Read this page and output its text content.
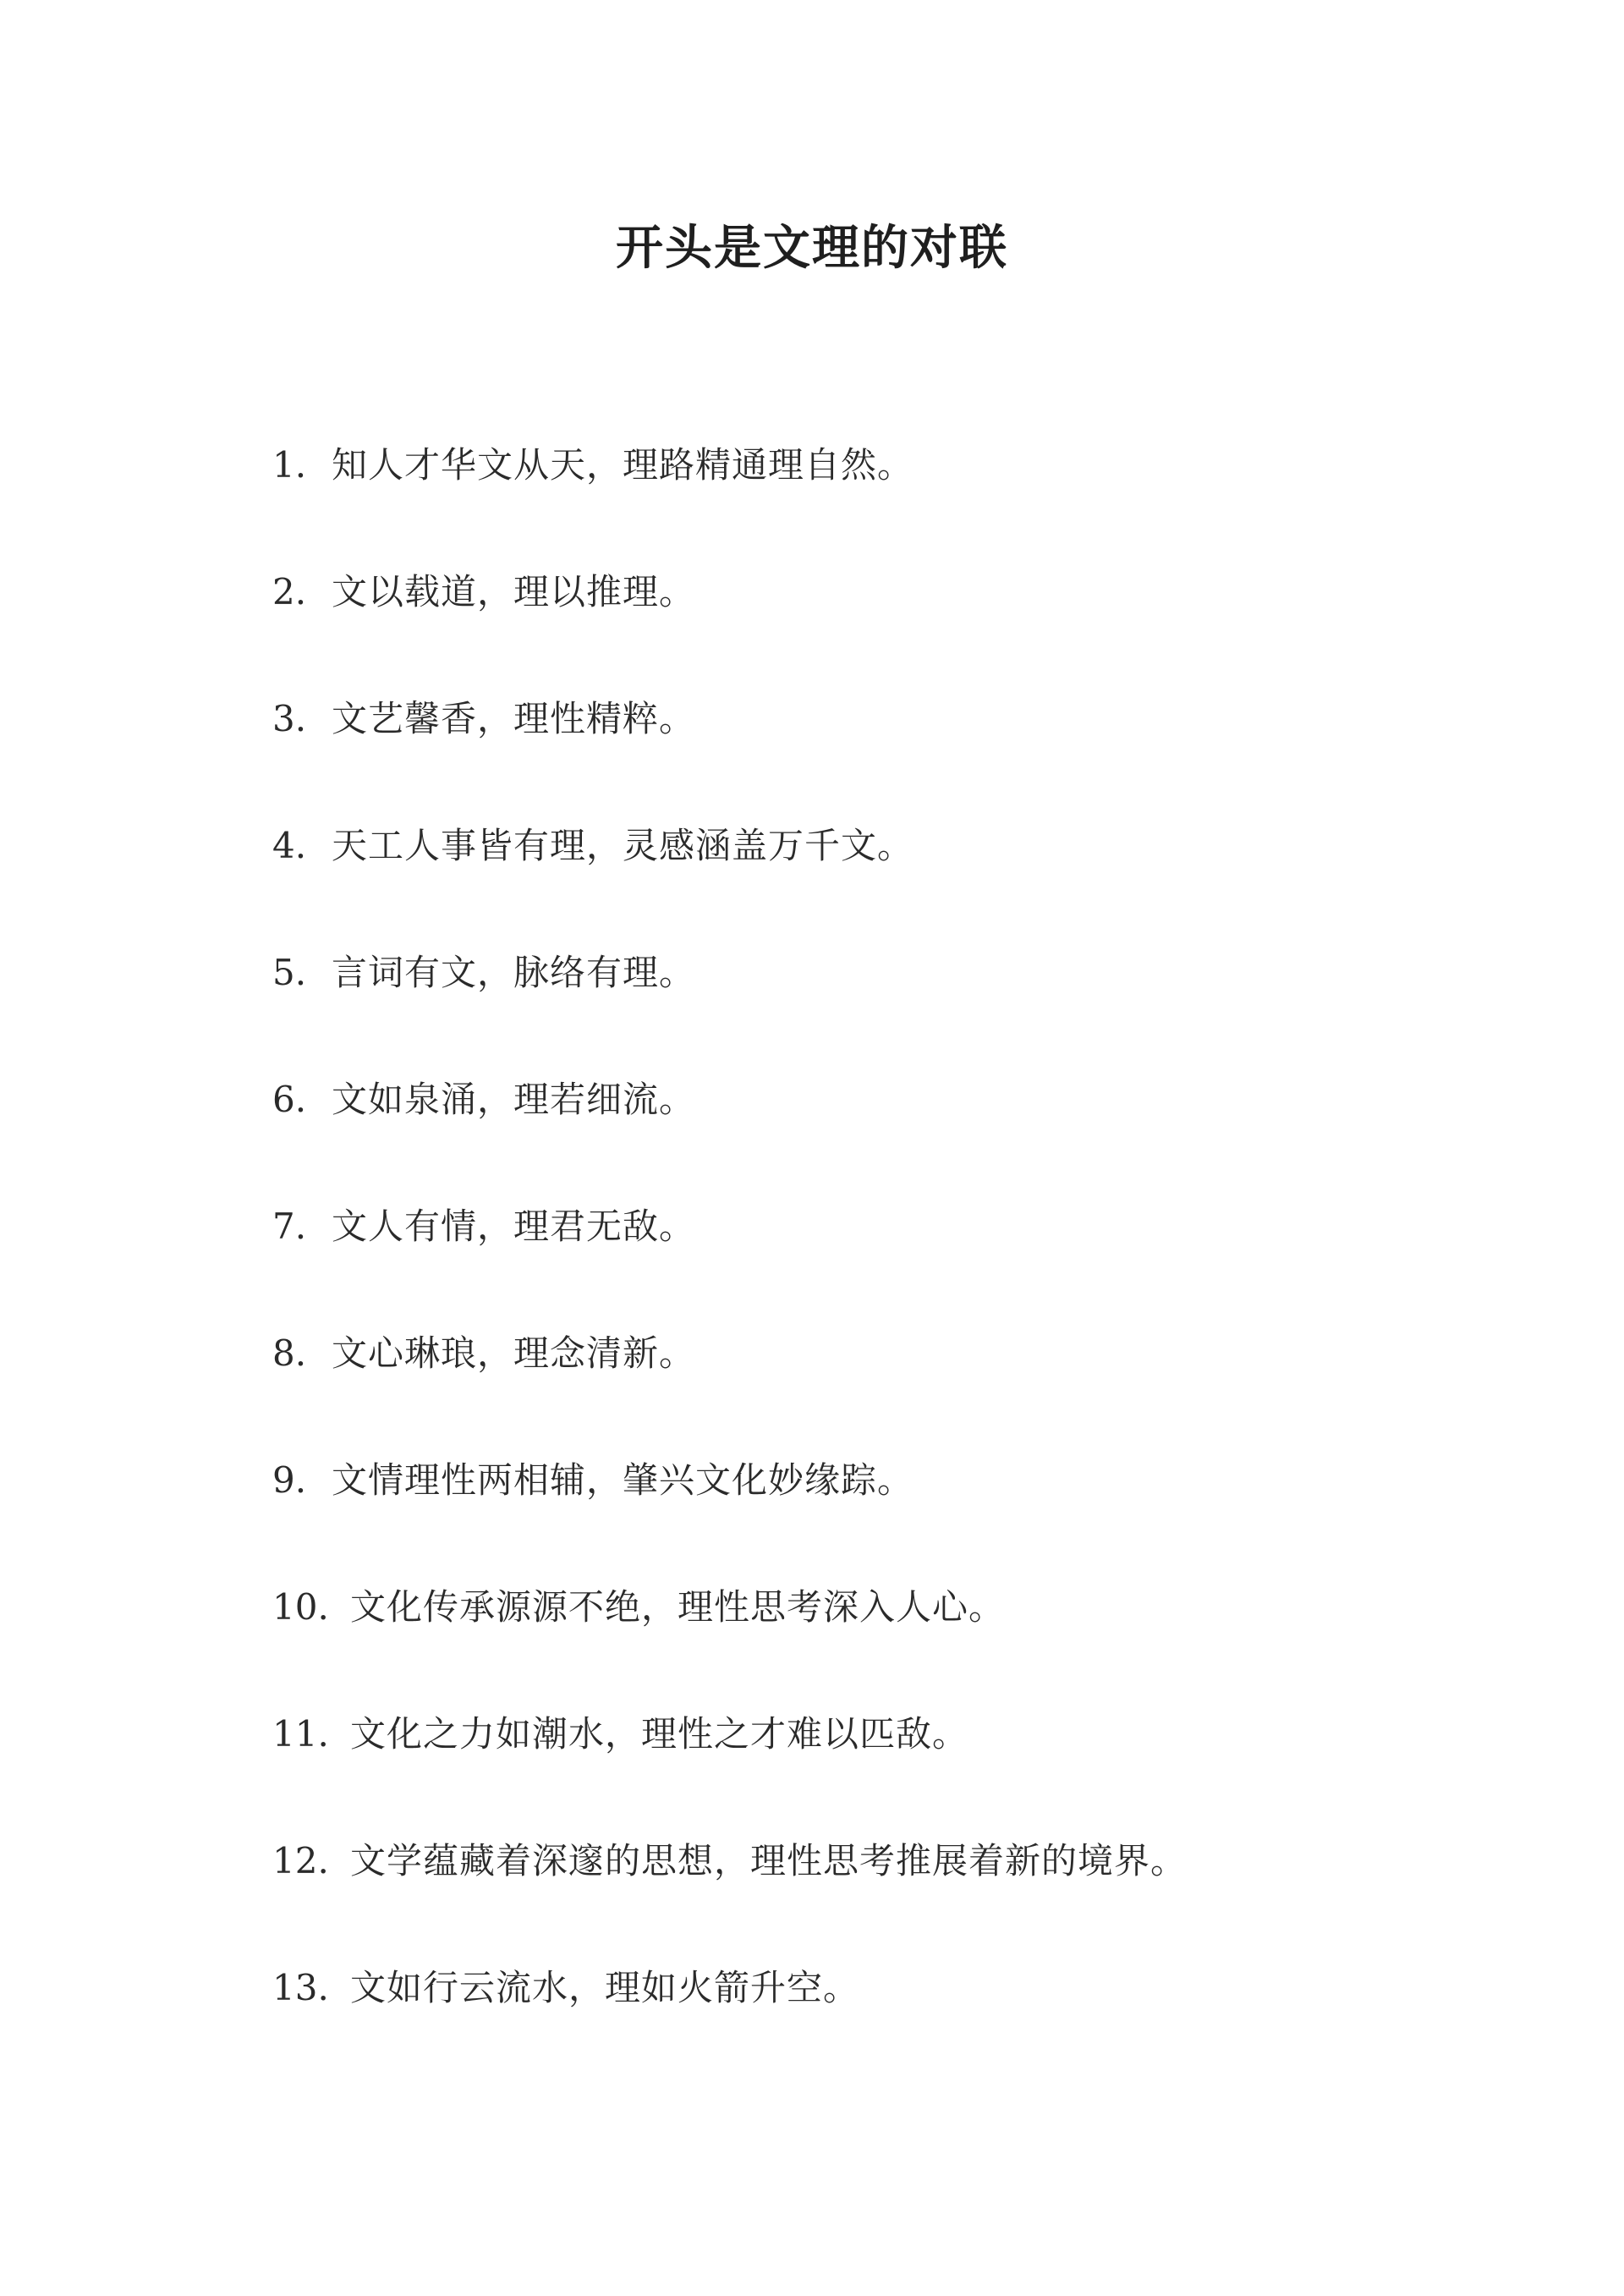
开头是文理的对联
1. 知人才华文从天，理路精通理自然。
2. 文以载道，理以推理。
3. 文艺馨香，理性精粹。
4. 天工人事皆有理，灵感涵盖万千文。
5. 言词有文，脉络有理。
6. 文如泉涌，理若细流。
7. 文人有情，理君无敌。
8. 文心琳琅，理念清新。
9. 文情理性两相辅，肇兴文化妙缘踪。
10. 文化传承源源不绝，理性思考深入人心。
11. 文化之力如潮水，理性之才难以匹敌。
12. 文学蕴藏着深邃的思想，理性思考推展着新的境界。
13. 文如行云流水，理如火箭升空。
